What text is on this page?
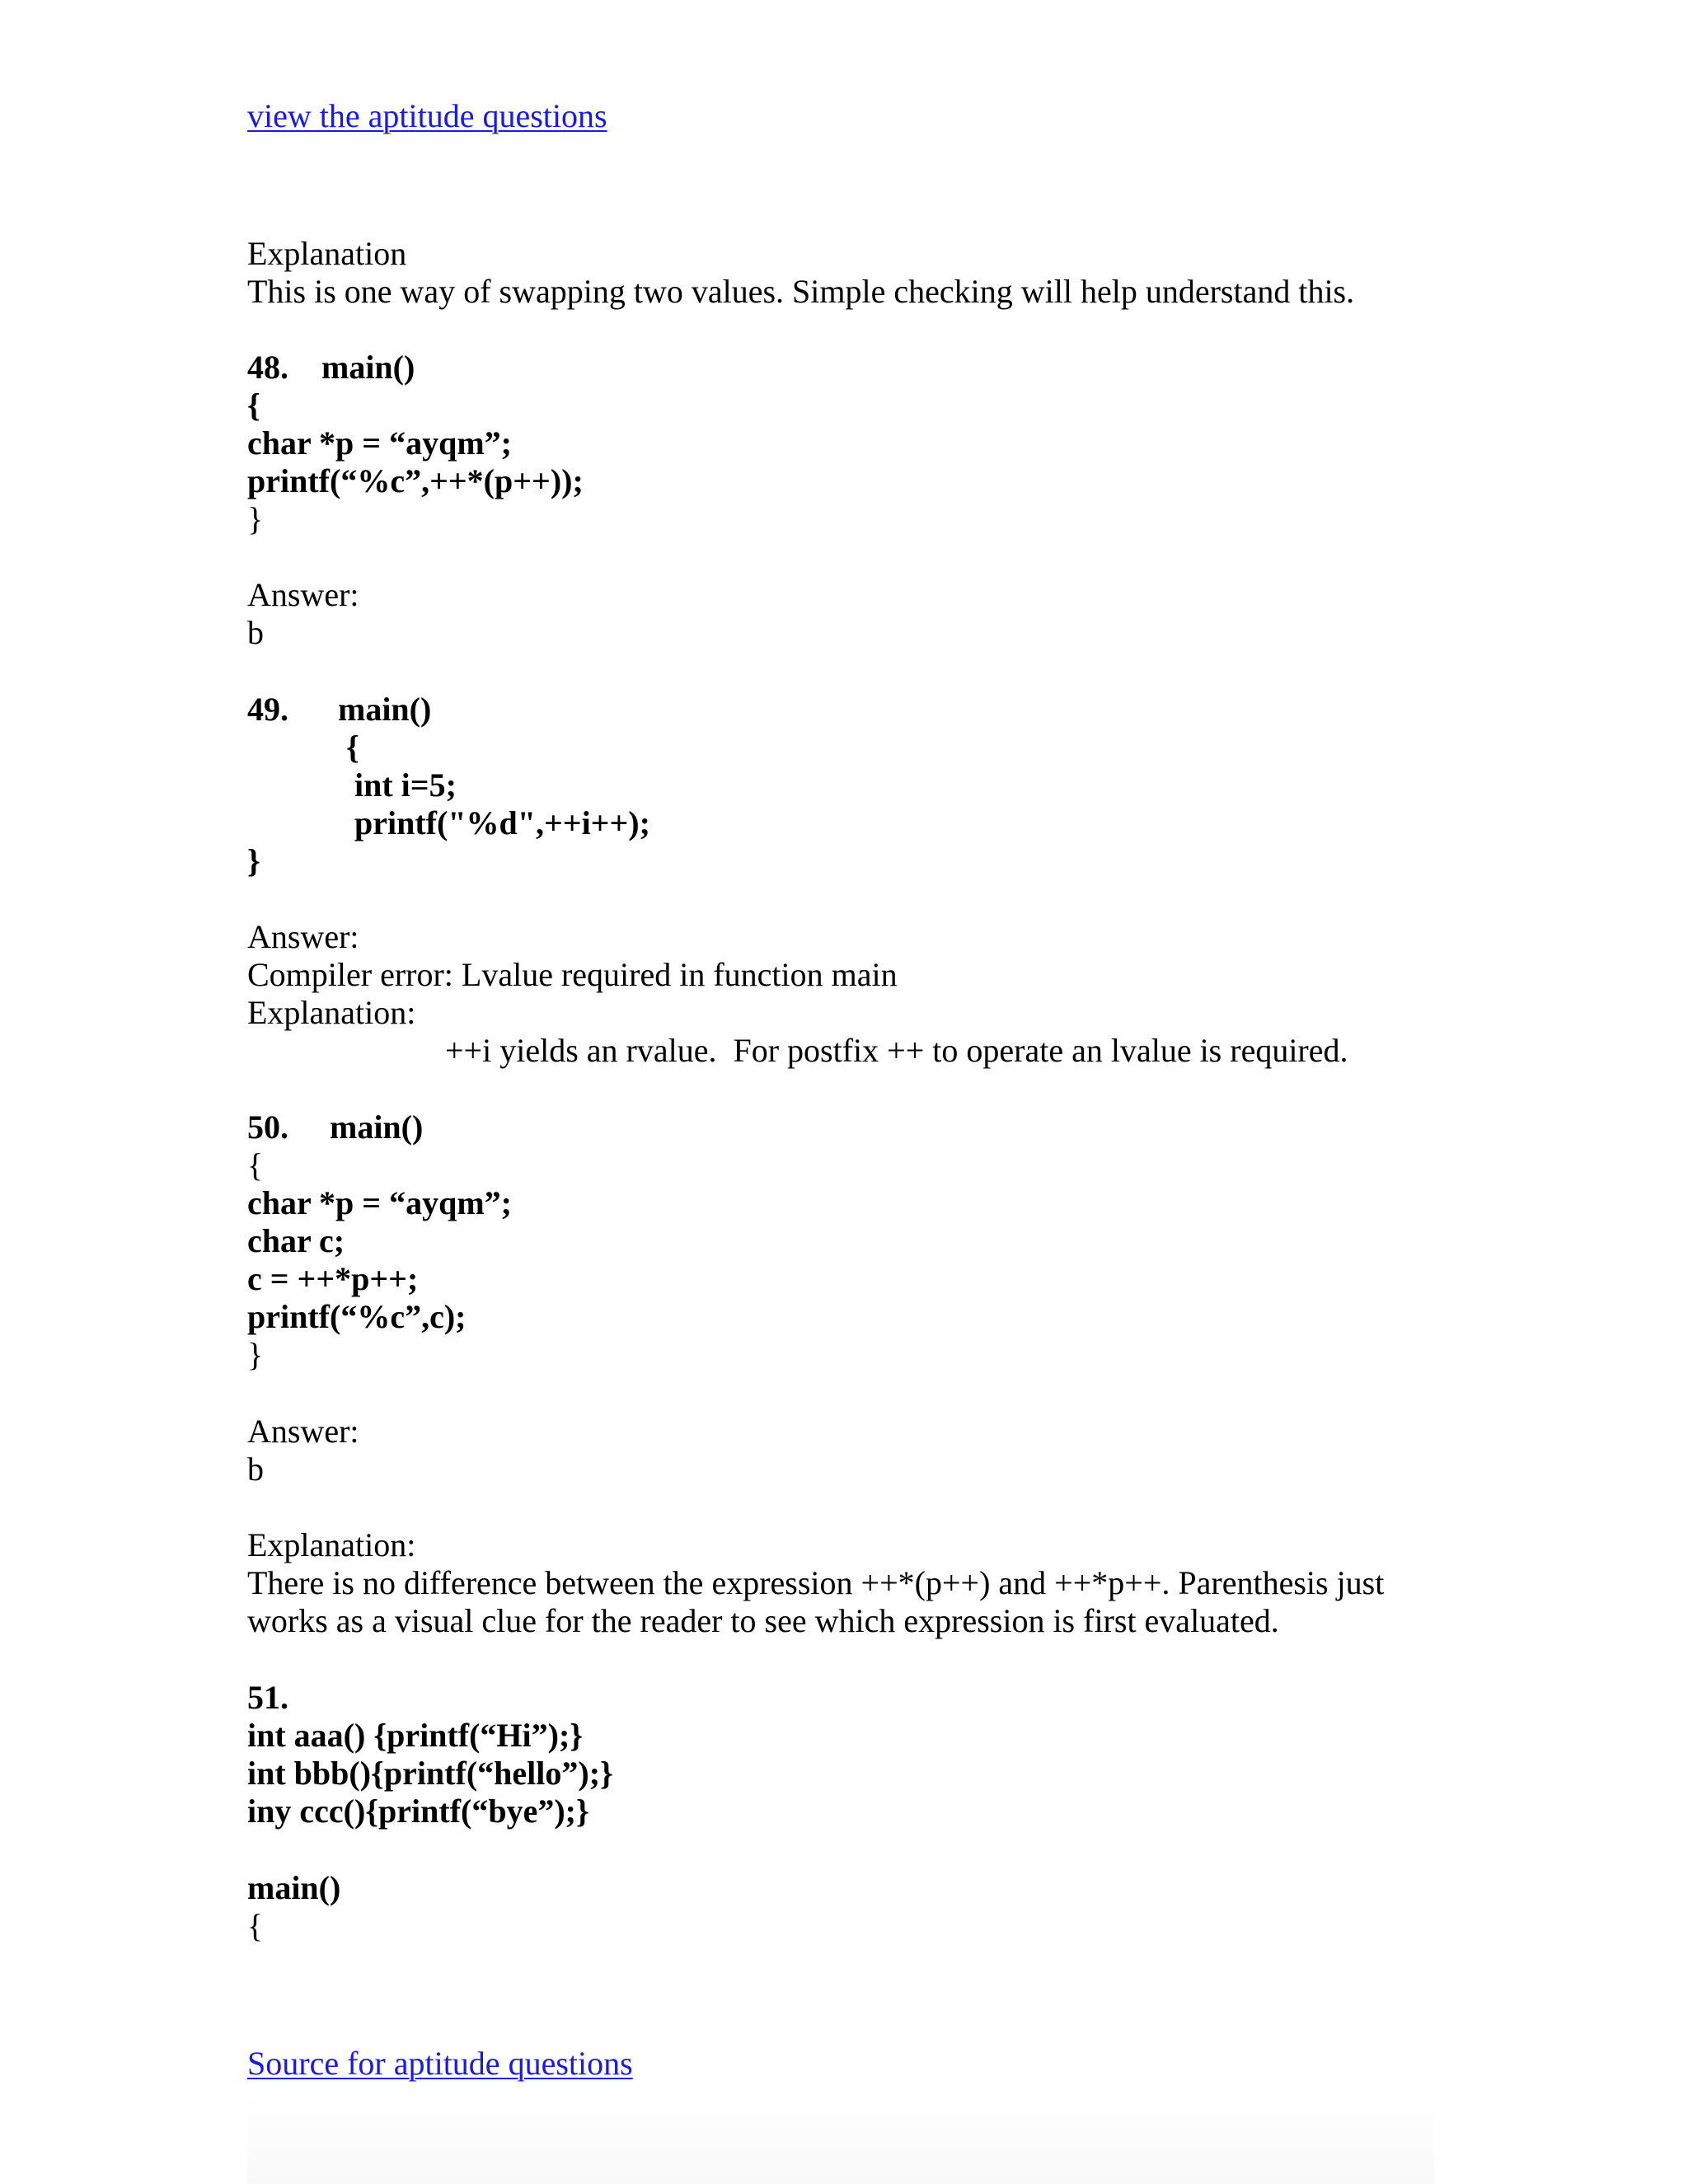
view the aptitude questions
Explanation
This is one way of swapping two values. Simple checking will help understand this.
48. main()
{
char *p = “ayqm”;
printf(“%c”,++*(p++));
}
Answer:
b
49. main()
{
int i=5;
printf("%d",++i++);
}
Answer:
Compiler error: Lvalue required in function main
Explanation:
++i yields an rvalue.  For postfix ++ to operate an lvalue is required.
50. main()
{
char *p = “ayqm”;
char c;
c = ++*p++;
printf(“%c”,c);
}
Answer:
b
Explanation:
There is no difference between the expression ++*(p++) and ++*p++. Parenthesis just
works as a visual clue for the reader to see which expression is first evaluated.
51.
int aaa() {printf(“Hi”);}
int bbb(){printf(“hello”);}
iny ccc(){printf(“bye”);}
main()
{
Source for aptitude questions
